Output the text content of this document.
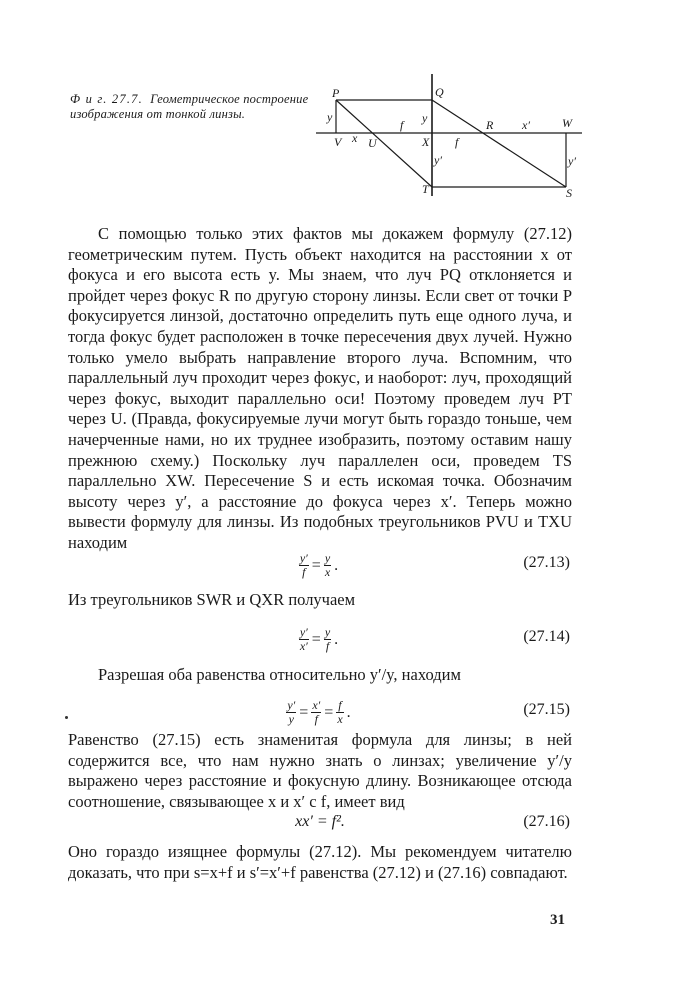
Ф и г. 27.7. Геометрическое построение изображения от тонкой линзы.
P	Q
y	y
f	R x′	W
V x U	X f
y′	y′
T	S

С помощью только этих фактов мы докажем формулу (27.12) геометрическим путем. Пусть объект находится на расстоянии x от фокуса и его высота есть y. Мы знаем, что луч PQ отклоняется и пройдет через фокус R по другую сторону линзы. Если свет от точки P фокусируется линзой, достаточно определить путь еще одного луча, и тогда фокус будет расположен в точке пересечения двух лучей. Нужно только умело выбрать направление второго луча. Вспомним, что параллельный луч проходит через фокус, и наоборот: луч, проходящий через фокус, выходит параллельно оси! Поэтому проведем луч PT через U. (Правда, фокусируемые лучи могут быть гораздо тоньше, чем начерченные нами, но их труднее изобразить, поэтому оставим нашу прежнюю схему.) Поскольку луч параллелен оси, проведем TS параллельно XW. Пересечение S и есть искомая точка. Обозначим высоту через y′, а расстояние до фокуса через x′. Теперь можно вывести формулу для линзы. Из подобных треугольников PVU и TXU находим

$\frac{y'}{f} = \frac{y}{x}$ .	(27.13)

Из треугольников SWR и QXR получаем

$\frac{y'}{x'} = \frac{y}{f}$ .	(27.14)

Разрешая оба равенства относительно y′/y, находим

$\frac{y'}{y} = \frac{x'}{f} = \frac{f}{x}$ .	(27.15)

Равенство (27.15) есть знаменитая формула для линзы; в ней содержится все, что нам нужно знать о линзах; увеличение y′/y выражено через расстояние и фокусную длину. Возникающее отсюда соотношение, связывающее x и x′ с f, имеет вид

xx′ = f².	(27.16)

Оно гораздо изящнее формулы (27.12). Мы рекомендуем читателю доказать, что при s=x+f и s′=x′+f равенства (27.12) и (27.16) совпадают.

31
